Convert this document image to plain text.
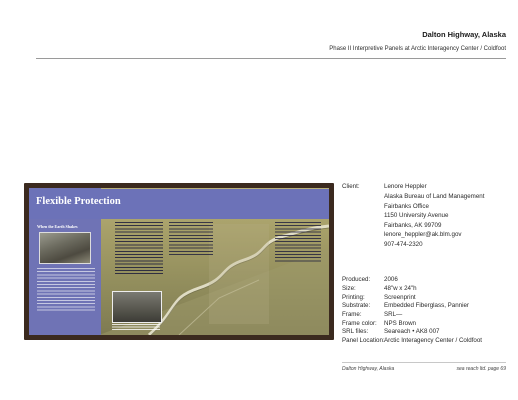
Dalton Highway, Alaska
Phase II Interpretive Panels at Arctic Interagency Center / Coldfoot
Flexible Protection
When the Earth Shakes
Client:	Lenore Heppler
Alaska Bureau of Land Management
Fairbanks Office
1150 University Avenue
Fairbanks, AK 99709
lenore_heppler@ak.blm.gov
907-474-2320
Produced: 2006
Size:	48"w x 24"h
Printing:	Screenprint
Substrate: Embedded Fiberglass, Pannier
Frame:	SRL—
Frame color: NPS Brown
SRL files:	Seareach • AK8 007
Panel Location: Arctic Interagency Center / Coldfoot
Dalton Highway, Alaska	sea reach ltd. page 69
